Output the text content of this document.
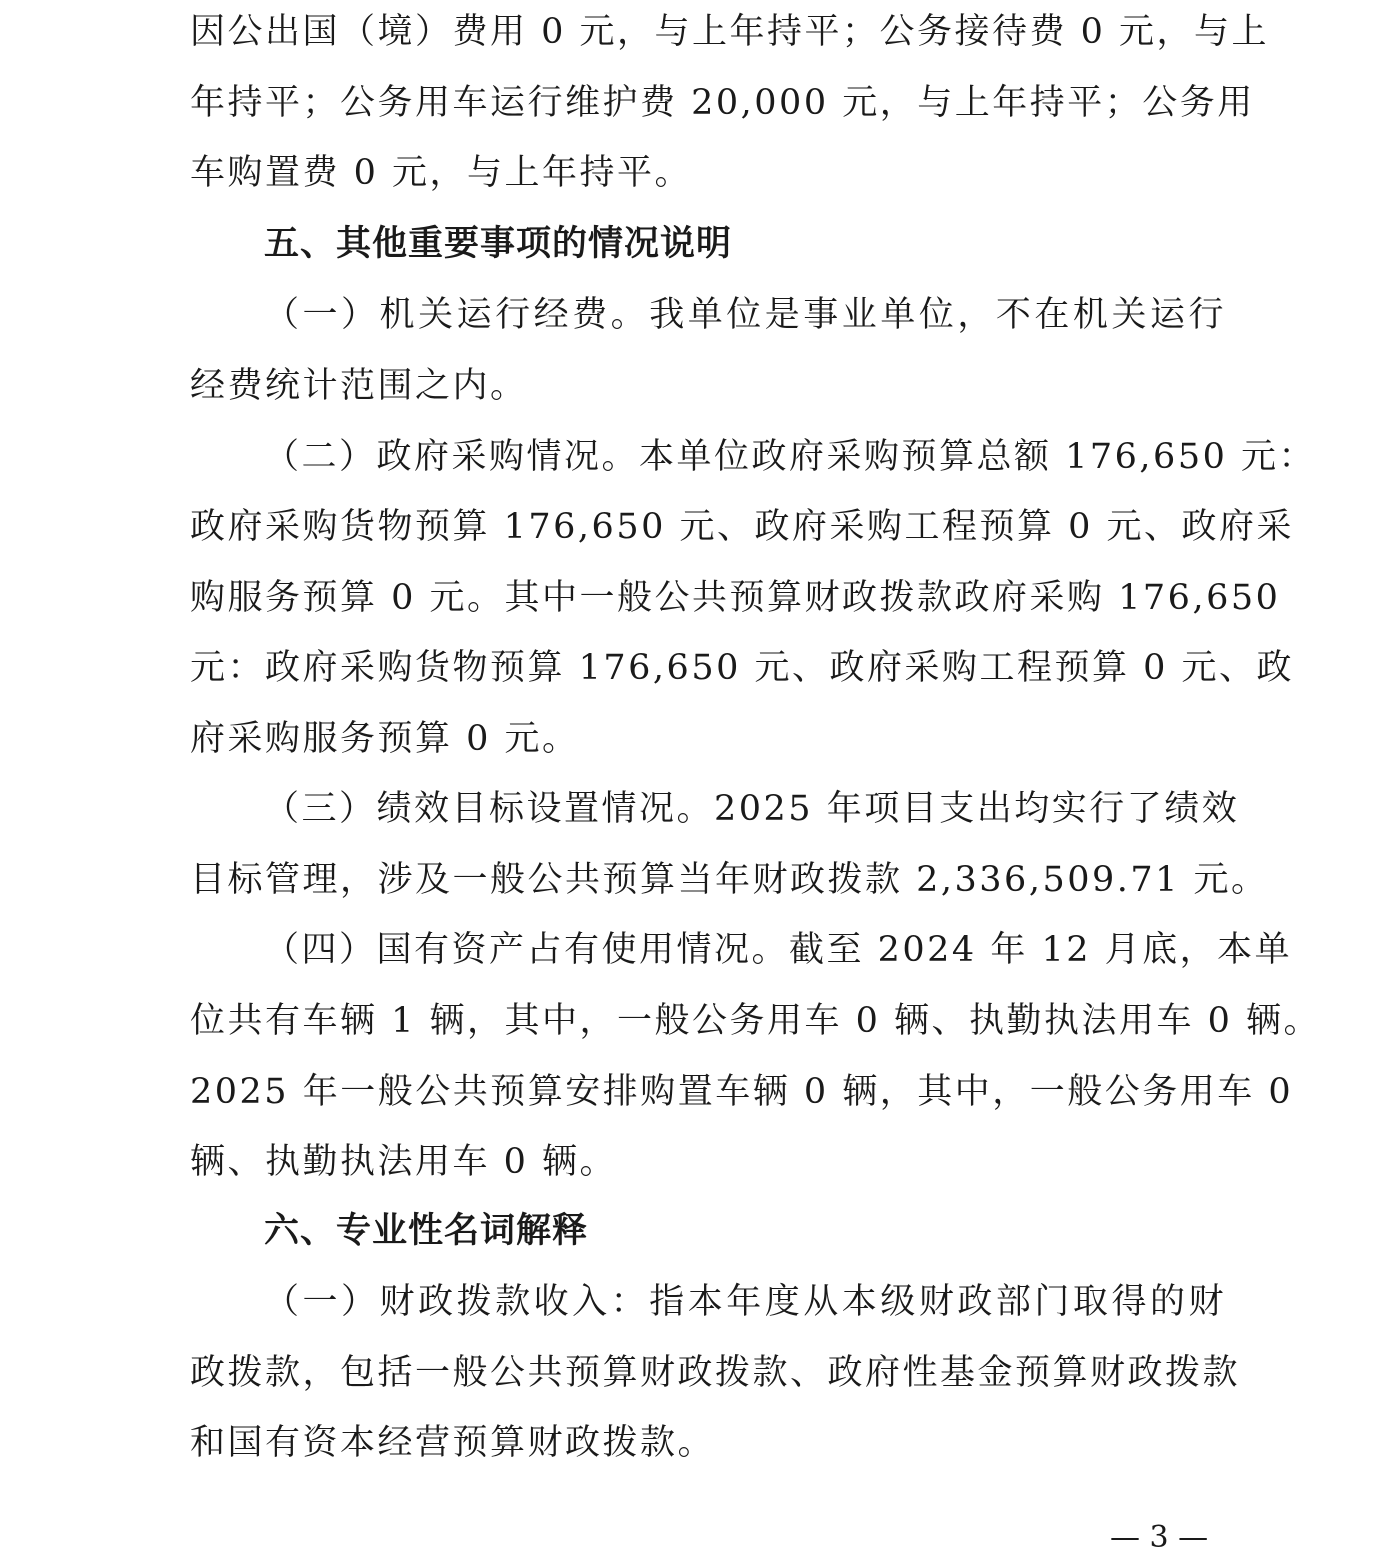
因公出国（境）费用 0 元，与上年持平；公务接待费 0 元，与上
年持平；公务用车运行维护费 20,000 元，与上年持平；公务用
车购置费 0 元，与上年持平。
五、其他重要事项的情况说明
（一）机关运行经费。我单位是事业单位，不在机关运行
经费统计范围之内。
（二）政府采购情况。本单位政府采购预算总额 176,650 元：
政府采购货物预算 176,650 元、政府采购工程预算 0 元、政府采
购服务预算 0 元。其中一般公共预算财政拨款政府采购 176,650
元：政府采购货物预算 176,650 元、政府采购工程预算 0 元、政
府采购服务预算 0 元。
（三）绩效目标设置情况。2025 年项目支出均实行了绩效
目标管理，涉及一般公共预算当年财政拨款 2,336,509.71 元。
（四）国有资产占有使用情况。截至 2024 年 12 月底，本单
位共有车辆 1 辆，其中，一般公务用车 0 辆、执勤执法用车 0 辆。
2025 年一般公共预算安排购置车辆 0 辆，其中，一般公务用车 0
辆、执勤执法用车 0 辆。
六、专业性名词解释
（一）财政拨款收入：指本年度从本级财政部门取得的财
政拨款，包括一般公共预算财政拨款、政府性基金预算财政拨款
和国有资本经营预算财政拨款。
— 3 —
